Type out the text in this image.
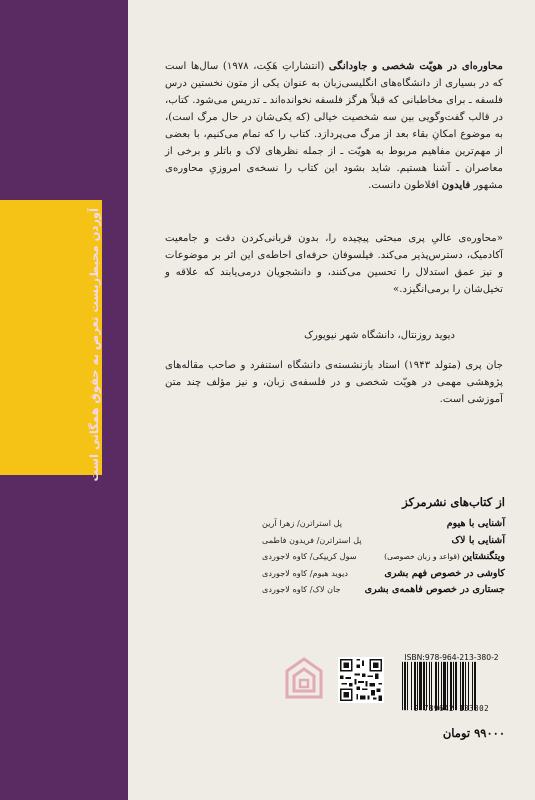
آوردن محیط‌زیست تعرض به حقوق همگانی است
محاوره‌ای در هویّت شخصی و جاودانگی (انتشاراتِ هَکِت، ۱۹۷۸) سال‌ها است که در بسیاری از دانشگاه‌های انگلیسی‌زبان به عنوان یکی از متون نخستین درس فلسفه ـ برای مخاطبانی که قبلاً هرگز فلسفه نخوانده‌اند ـ تدریس می‌شود. کتاب، در قالب گفت‌وگویی بین سه شخصیت خیالی (که یکی‌شان در حال مرگ است)، به موضوع امکانِ بقاء بعد از مرگ می‌پردازد. کتاب را که تمام می‌کنیم، با بعضی از مهم‌ترین مفاهیم مربوط به هویّت ـ از جمله نظرهای لاک و باتلر و برخی از معاصران ـ آشنا هستیم. شاید بشود این کتاب را نسخه‌ی امروزیِ محاوره‌ی مشهور فایدون افلاطون دانست.
«محاوره‌ی عالیِ پری مبحثی پیچیده را، بدون قربانی‌کردن دقت و جامعیت آکادمیک، دسترس‌پذیر می‌کند. فیلسوفان حرفه‌ای احاطه‌ی این اثر بر موضوعات و نیز عمق استدلال را تحسین می‌کنند، و دانشجویان درمی‌یابند که علاقه و تخیل‌شان را برمی‌انگیزد.»
دیوید روزنتال، دانشگاه شهر نیویورک
جان پری (متولد ۱۹۴۳) استاد بازنشسته‌ی دانشگاه استنفرد و صاحب مقاله‌های پژوهشی مهمی در هویّت شخصی و در فلسفه‌ی زبان، و نیز مؤلف چند متن آموزشی است.
از کتاب‌های نشرمرکز
آشنایی با هیوم
پل استراترن/ زهرا آرین
آشنایی با لاک
پل استراترن/ فریدون فاطمی
ویتگنشتاین (قواعد و زبان خصوصی)
سول کریپکی/ کاوه لاجوردی
کاوشی در خصوص فهم بشری
دیوید هیوم/ کاوه لاجوردی
جستاری در خصوص فاهمه‌ی بشری
جان لاک/ کاوه لاجوردی
ISBN:978-964-213-380-2
9 789642 133802
۹۹۰۰۰ تومان
